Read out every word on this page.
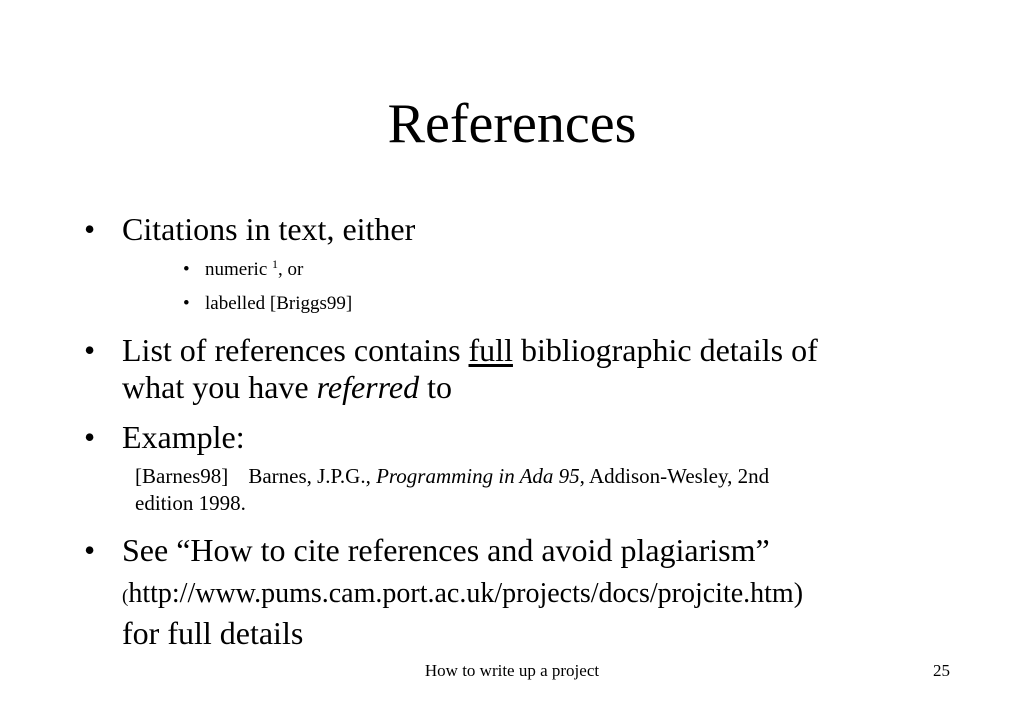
References
• Citations in text, either
• numeric $^1$, or
• labelled [Briggs99]
• List of references contains full bibliographic details of
what you have referred to
• Example:
[Barnes98] Barnes, J.P.G., Programming in Ada 95, Addison-Wesley, 2nd
edition 1998.
• See “How to cite references and avoid plagiarism”
(http://www.pums.cam.port.ac.uk/projects/docs/projcite.htm)
for full details
How to write up a project	25
